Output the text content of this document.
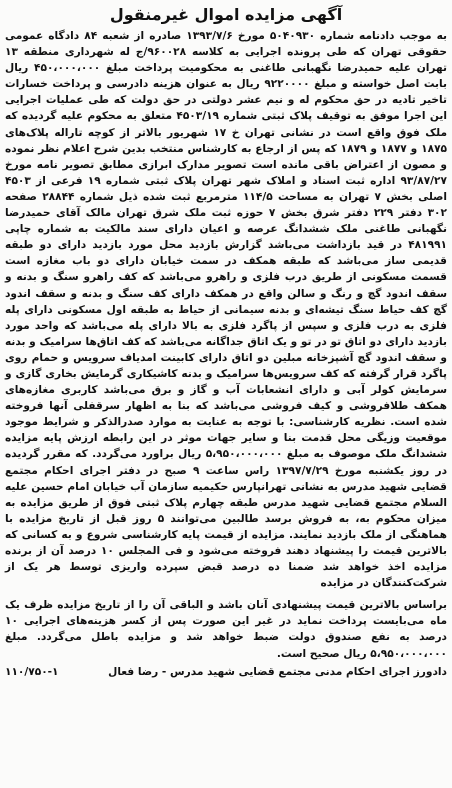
آگهی مزایده اموال غیرمنقول

به موجب دادنامه شماره ۵۰۴۰۹۳۰ مورخ ۱۳۹۳/۷/۶ صادره از شعبه ۸۴ دادگاه عمومی حقوقی تهران که طی پرونده اجرایی به کلاسه ۹۶۰۰۲۸/ج له شهرداری منطقه ۱۳ تهران علیه حمیدرضا نگهبانی طاغنی به محکومیت پرداخت مبلغ ۴۵۰،۰۰۰،۰۰۰ ریال بابت اصل خواسته و مبلغ ۹۲۲۰۰۰۰ ریال به عنوان هزینه دادرسی و پرداخت خسارات تاخیر تادیه در حق محکوم له و نیم عشر دولتی در حق دولت که طی عملیات اجرایی این اجرا موفق به توقیف پلاک ثبتی شماره ۴۵۰۳/۱۹ متعلق به محکوم علیه گردیده که ملک فوق واقع است در نشانی تهران خ ۱۷ شهریور بالاتر از کوچه تاراله پلاک‌های ۱۸۷۵ و ۱۸۷۷ و ۱۸۷۹ که پس از ارجاع به کارشناس منتخب بدین شرح اعلام نظر نموده و مصون از اعتراض باقی مانده است تصویر مدارک ابرازی مطابق تصویر نامه مورخ ۹۳/۸۷/۲۷ اداره ثبت اسناد و املاک شهر تهران پلاک ثبتی شماره ۱۹ فرعی از ۴۵۰۳ اصلی بخش ۷ تهران به مساحت ۱۱۴/۵ مترمربع ثبت شده ذیل شماره ۲۸۸۴۴ صفحه ۳۰۲ دفتر ۲۲۹ دفتر شرق بخش ۷ حوزه ثبت ملک شرق تهران مالک آقای حمیدرضا نگهبانی طاغنی ملک ششدانگ عرصه و اعیان دارای سند مالکیت به شماره چاپی ۴۸۱۹۹۱ در قید بازداشت می‌باشد گزارش بازدید محل مورد بازدید دارای دو طبقه قدیمی ساز می‌باشد که طبقه همکف در سمت خیابان دارای دو باب مغازه است قسمت مسکونی از طریق درب فلزی و راهرو می‌باشد که کف راهرو سنگ و بدنه و سقف اندود گچ و رنگ و سالن واقع در همکف دارای کف سنگ و بدنه و سقف اندود گچ کف حیاط سنگ تیشه‌ای و بدنه سیمانی از حیاط به طبقه اول مسکونی دارای پله فلزی به درب فلزی و سپس از پاگرد فلزی به بالا دارای پله می‌باشد که واحد مورد بازدید دارای دو اتاق تو در تو و یک اتاق جداگانه می‌باشد که کف اتاق‌ها سرامیک و بدنه و سقف اندود گچ آشپزخانه مبلین دو اتاق دارای کابینت امدیاف سرویس و حمام روی پاگرد قرار گرفته که کف سرویس‌ها سرامیک و بدنه کاشیکاری گرمایش بخاری گازی و سرمایش کولر آبی و دارای انشعابات آب و گاز و برق می‌باشد کاربری مغازه‌های همکف طلافروشی و کیف فروشی می‌باشد که بنا به اظهار سرقفلی آنها فروخته شده است. نظریه کارشناسی: با توجه به عنایت به موارد صدرالذکر و شرایط موجود موقعیت وزیگی محل قدمت بنا و سایر جهات موثر در این رابطه ارزش پایه مزایده ششدانگ ملک موصوف به مبلغ ۵،۹۵۰،۰۰۰،۰۰۰ ریال براورد می‌گردد. که مقرر گردیده در روز یکشنبه مورخ ۱۳۹۷/۷/۲۹ راس ساعت ۹ صبح در دفتر اجرای احکام مجتمع قضایی شهید مدرس به نشانی تهرانپارس حکیمیه سازمان آب خیابان امام حسین علیه السلام مجتمع قضایی شهید مدرس طبقه چهارم پلاک ثبتی فوق از طریق مزایده به میزان محکوم به، به فروش برسد طالبین می‌توانند ۵ روز قبل از تاریخ مزایده با هماهنگی از ملک بازدید نمایند. مزایده از قیمت پایه کارشناسی شروع و به کسانی که بالاترین قیمت را پیشنهاد دهند فروخته می‌شود و فی المجلس ۱۰ درصد آن از برنده مزایده اخذ خواهد شد ضمنا ده درصد قبض سپرده واریزی توسط هر یک از شرکت‌کنندگان در مزایده

براساس بالاترین قیمت پیشنهادی آنان باشد و الباقی آن را از تاریخ مزایده ظرف یک ماه می‌بایست پرداخت نماید در غیر این صورت پس از کسر هزینه‌های اجرایی ۱۰ درصد به نفع صندوق دولت ضبط خواهد شد و مزایده باطل می‌گردد. مبلغ ۵،۹۵۰،۰۰۰،۰۰۰ ریال صحیح است.

دادورز اجرای احکام مدنی مجتمع قضایی شهید مدرس - رضا فعال
۱۱۰/۷۵۰-۱
